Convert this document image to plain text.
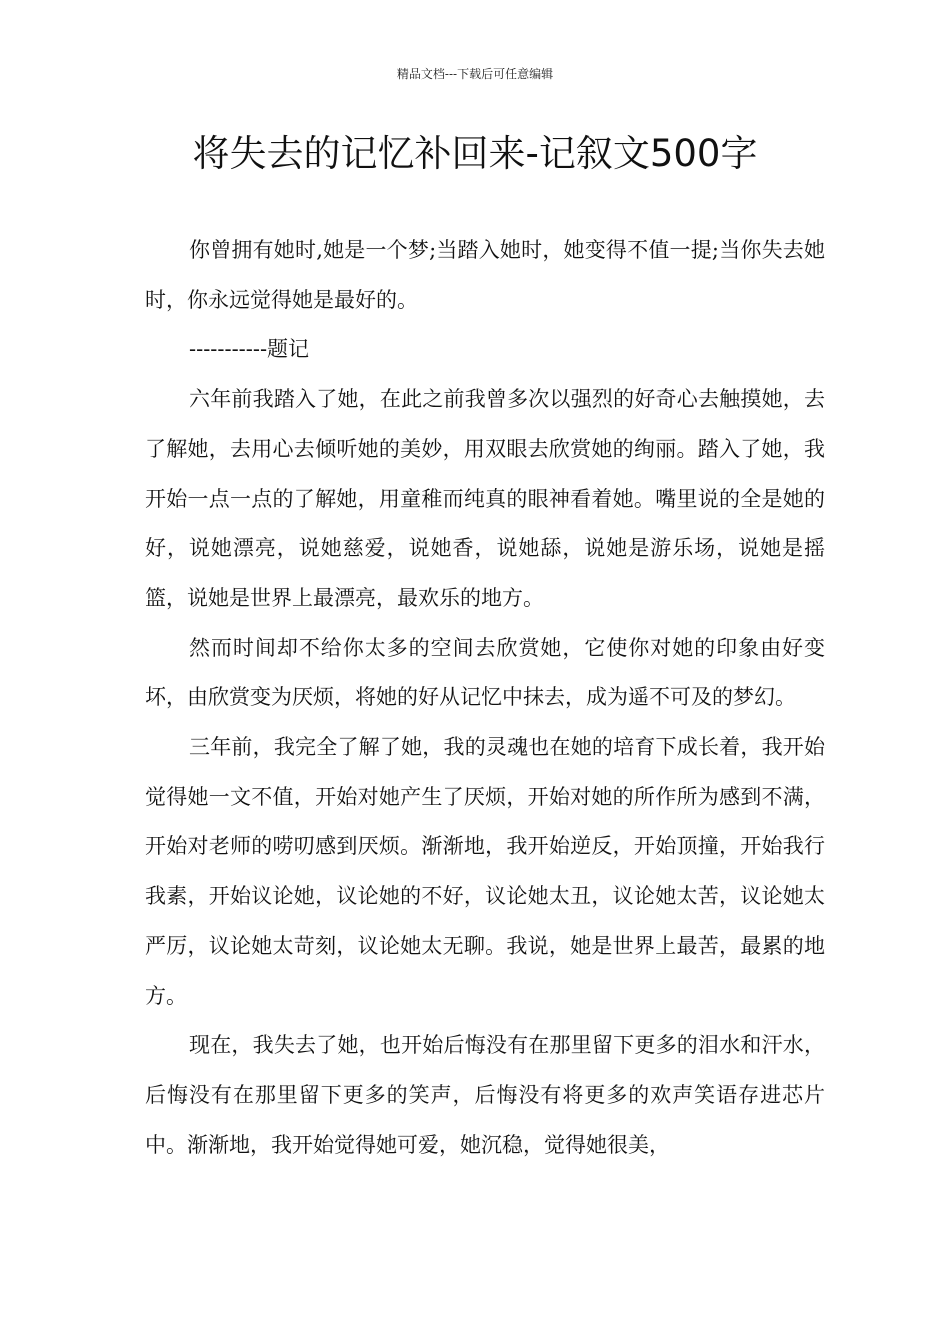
精品文档---下载后可任意编辑
将失去的记忆补回来-记叙文500字

你曾拥有她时,她是一个梦;当踏入她时，她变得不值一提;当你失去她时，你永远觉得她是最好的。

-----------题记

六年前我踏入了她，在此之前我曾多次以强烈的好奇心去触摸她，去了解她，去用心去倾听她的美妙，用双眼去欣赏她的绚丽。踏入了她，我开始一点一点的了解她，用童稚而纯真的眼神看着她。嘴里说的全是她的好，说她漂亮，说她慈爱，说她香，说她舔，说她是游乐场，说她是摇篮，说她是世界上最漂亮，最欢乐的地方。

然而时间却不给你太多的空间去欣赏她，它使你对她的印象由好变坏，由欣赏变为厌烦，将她的好从记忆中抹去，成为遥不可及的梦幻。

三年前，我完全了解了她，我的灵魂也在她的培育下成长着，我开始觉得她一文不值，开始对她产生了厌烦，开始对她的所作所为感到不满，开始对老师的唠叨感到厌烦。渐渐地，我开始逆反，开始顶撞，开始我行我素，开始议论她，议论她的不好，议论她太丑，议论她太苦，议论她太严厉，议论她太苛刻，议论她太无聊。我说，她是世界上最苦，最累的地方。

现在，我失去了她，也开始后悔没有在那里留下更多的泪水和汗水，后悔没有在那里留下更多的笑声，后悔没有将更多的欢声笑语存进芯片中。渐渐地，我开始觉得她可爱，她沉稳，觉得她很美，
